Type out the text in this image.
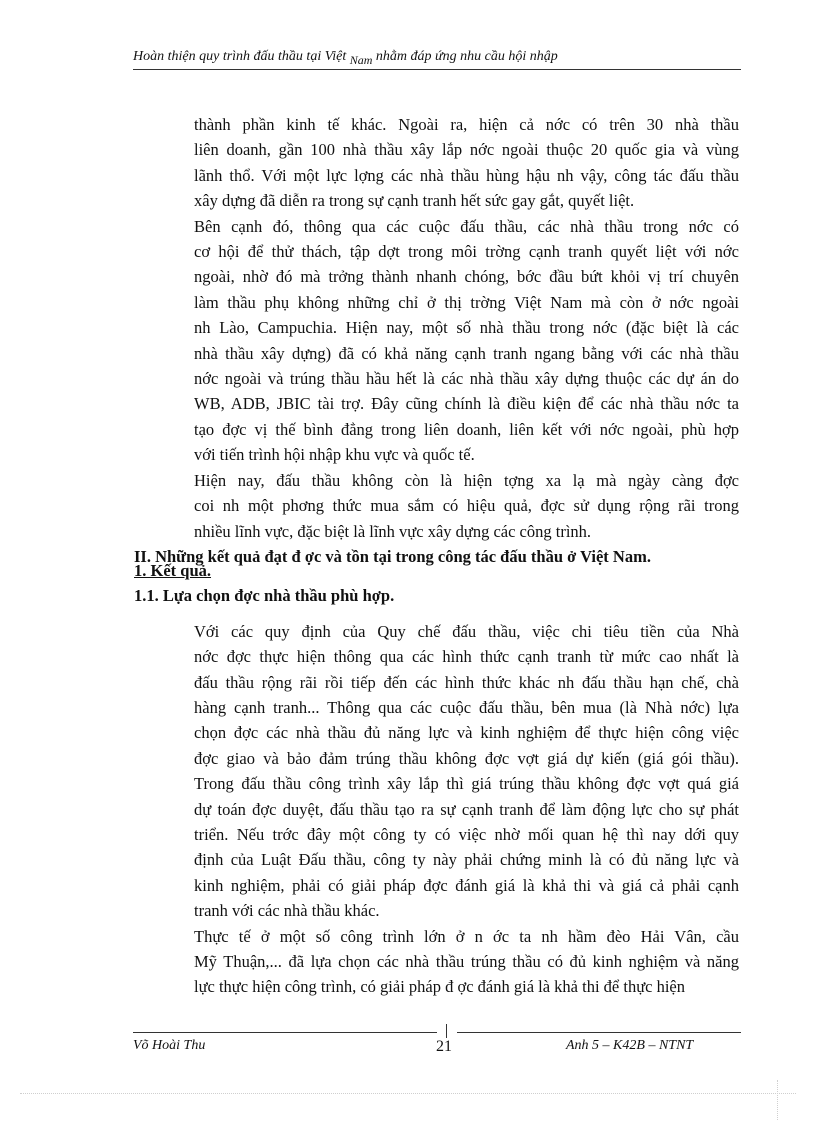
Hoàn thiện quy trình đấu thầu tại Việt Nam nhằm đáp ứng nhu cầu hội nhập

thành phần kinh tế khác. Ngoài ra, hiện cả nớc có trên 30 nhà thầu
liên doanh, gần 100 nhà thầu xây lắp nớc ngoài thuộc 20 quốc gia và vùng
lãnh thổ. Với một lực lợng các nhà thầu hùng hậu nh vậy, công tác đấu thầu
xây dựng đã diễn ra trong sự cạnh tranh hết sức gay gắt, quyết liệt.

Bên cạnh đó, thông qua các cuộc đấu thầu, các nhà thầu trong nớc có
cơ hội để thử thách, tập dợt trong môi trờng cạnh tranh quyết liệt với nớc
ngoài, nhờ đó mà trởng thành nhanh chóng, bớc đầu bứt khỏi vị trí chuyên
làm thầu phụ không những chỉ ở thị trờng Việt Nam mà còn ở nớc ngoài
nh Lào, Campuchia. Hiện nay, một số nhà thầu trong nớc (đặc biệt là các
nhà thầu xây dựng) đã có khả năng cạnh tranh ngang bằng với các nhà thầu
nớc ngoài và trúng thầu hầu hết là các nhà thầu xây dựng thuộc các dự án do
WB, ADB, JBIC tài trợ. Đây cũng chính là điều kiện để các nhà thầu nớc ta
tạo đợc vị thế bình đẳng trong liên doanh, liên kết với nớc ngoài, phù hợp
với tiến trình hội nhập khu vực và quốc tế.

Hiện nay, đấu thầu không còn là hiện tợng xa lạ mà ngày càng đợc
coi nh một phơng thức mua sắm có hiệu quả, đợc sử dụng rộng rãi trong
nhiều lĩnh vực, đặc biệt là lĩnh vực xây dựng các công trình.

II. Những kết quả đạt đ ợc và tồn tại trong công tác đấu thầu ở Việt Nam.
1. Kết quả.
1.1. Lựa chọn đợc nhà thầu phù hợp.

Với các quy định của Quy chế đấu thầu, việc chi tiêu tiền của Nhà
nớc đợc thực hiện thông qua các hình thức cạnh tranh từ mức cao nhất là
đấu thầu rộng rãi rồi tiếp đến các hình thức khác nh đấu thầu hạn chế, chà
hàng cạnh tranh... Thông qua các cuộc đấu thầu, bên mua (là Nhà nớc) lựa
chọn đợc các nhà thầu đủ năng lực và kinh nghiệm để thực hiện công việc
đợc giao và bảo đảm trúng thầu không đợc vợt giá dự kiến (giá gói thầu).
Trong đấu thầu công trình xây lắp thì giá trúng thầu không đợc vợt quá giá
dự toán đợc duyệt, đấu thầu tạo ra sự cạnh tranh để làm động lực cho sự phát
triển. Nếu trớc đây một công ty có việc nhờ mối quan hệ thì nay dới quy
định của Luật Đấu thầu, công ty này phải chứng minh là có đủ năng lực và
kinh nghiệm, phải có giải pháp đợc đánh giá là khả thi và giá cả phải cạnh
tranh với các nhà thầu khác.

Thực tế ở một số công trình lớn ở n ớc ta nh hầm đèo Hải Vân, cầu
Mỹ Thuận,... đã lựa chọn các nhà thầu trúng thầu có đủ kinh nghiệm và năng
lực thực hiện công trình, có giải pháp đ ợc đánh giá là khả thi để thực hiện

Võ Hoài Thu	21	Anh 5 – K42B – NTNT
